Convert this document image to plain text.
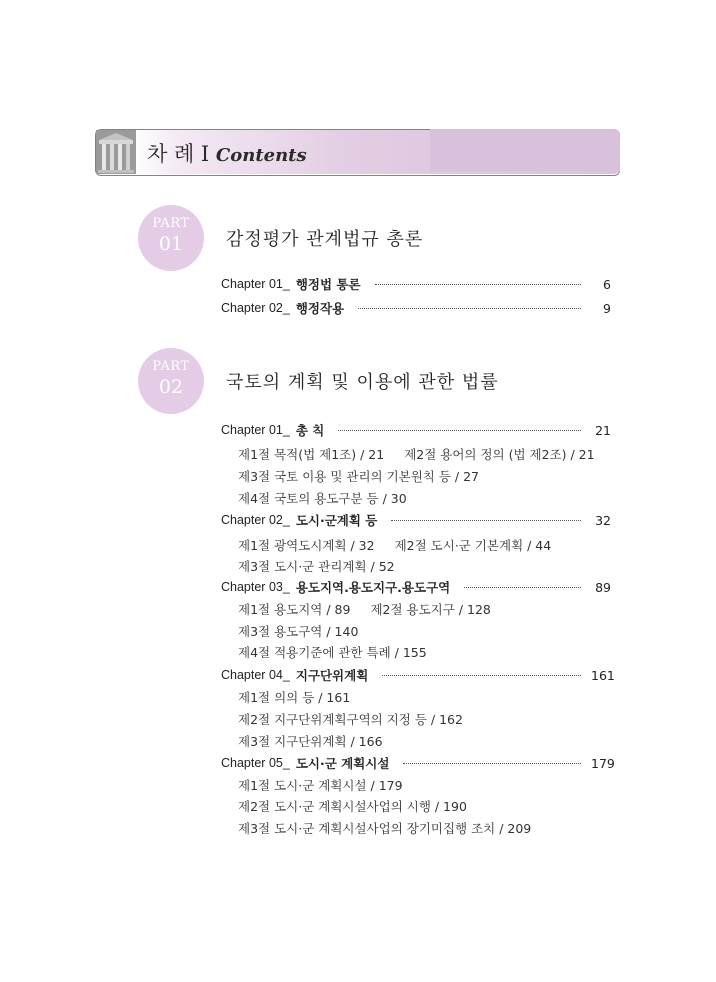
차 례 I Contents
PART
01	감정평가 관계법규 총론
Chapter 01_ 행정법 통론	6
Chapter 02_ 행정작용	9
PART
02	국토의 계획 및 이용에 관한 법률
Chapter 01_ 총 칙	21
제1절 목적(법 제1조) / 21 제2절 용어의 정의 (법 제2조) / 21
제3절 국토 이용 및 관리의 기본원칙 등 / 27
제4절 국토의 용도구분 등 / 30
Chapter 02_ 도시·군계획 등	32
제1절 광역도시계획 / 32 제2절 도시·군 기본계획 / 44
제3절 도시·군 관리계획 / 52
Chapter 03_ 용도지역.용도지구.용도구역	89
제1절 용도지역 / 89 제2절 용도지구 / 128
제3절 용도구역 / 140
제4절 적용기준에 관한 특례 / 155
Chapter 04_ 지구단위계획	161
제1절 의의 등 / 161
제2절 지구단위계획구역의 지정 등 / 162
제3절 지구단위계획 / 166
Chapter 05_ 도시·군 계획시설	179
제1절 도시·군 계획시설 / 179
제2절 도시·군 계획시설사업의 시행 / 190
제3절 도시·군 계획시설사업의 장기미집행 조치 / 209
